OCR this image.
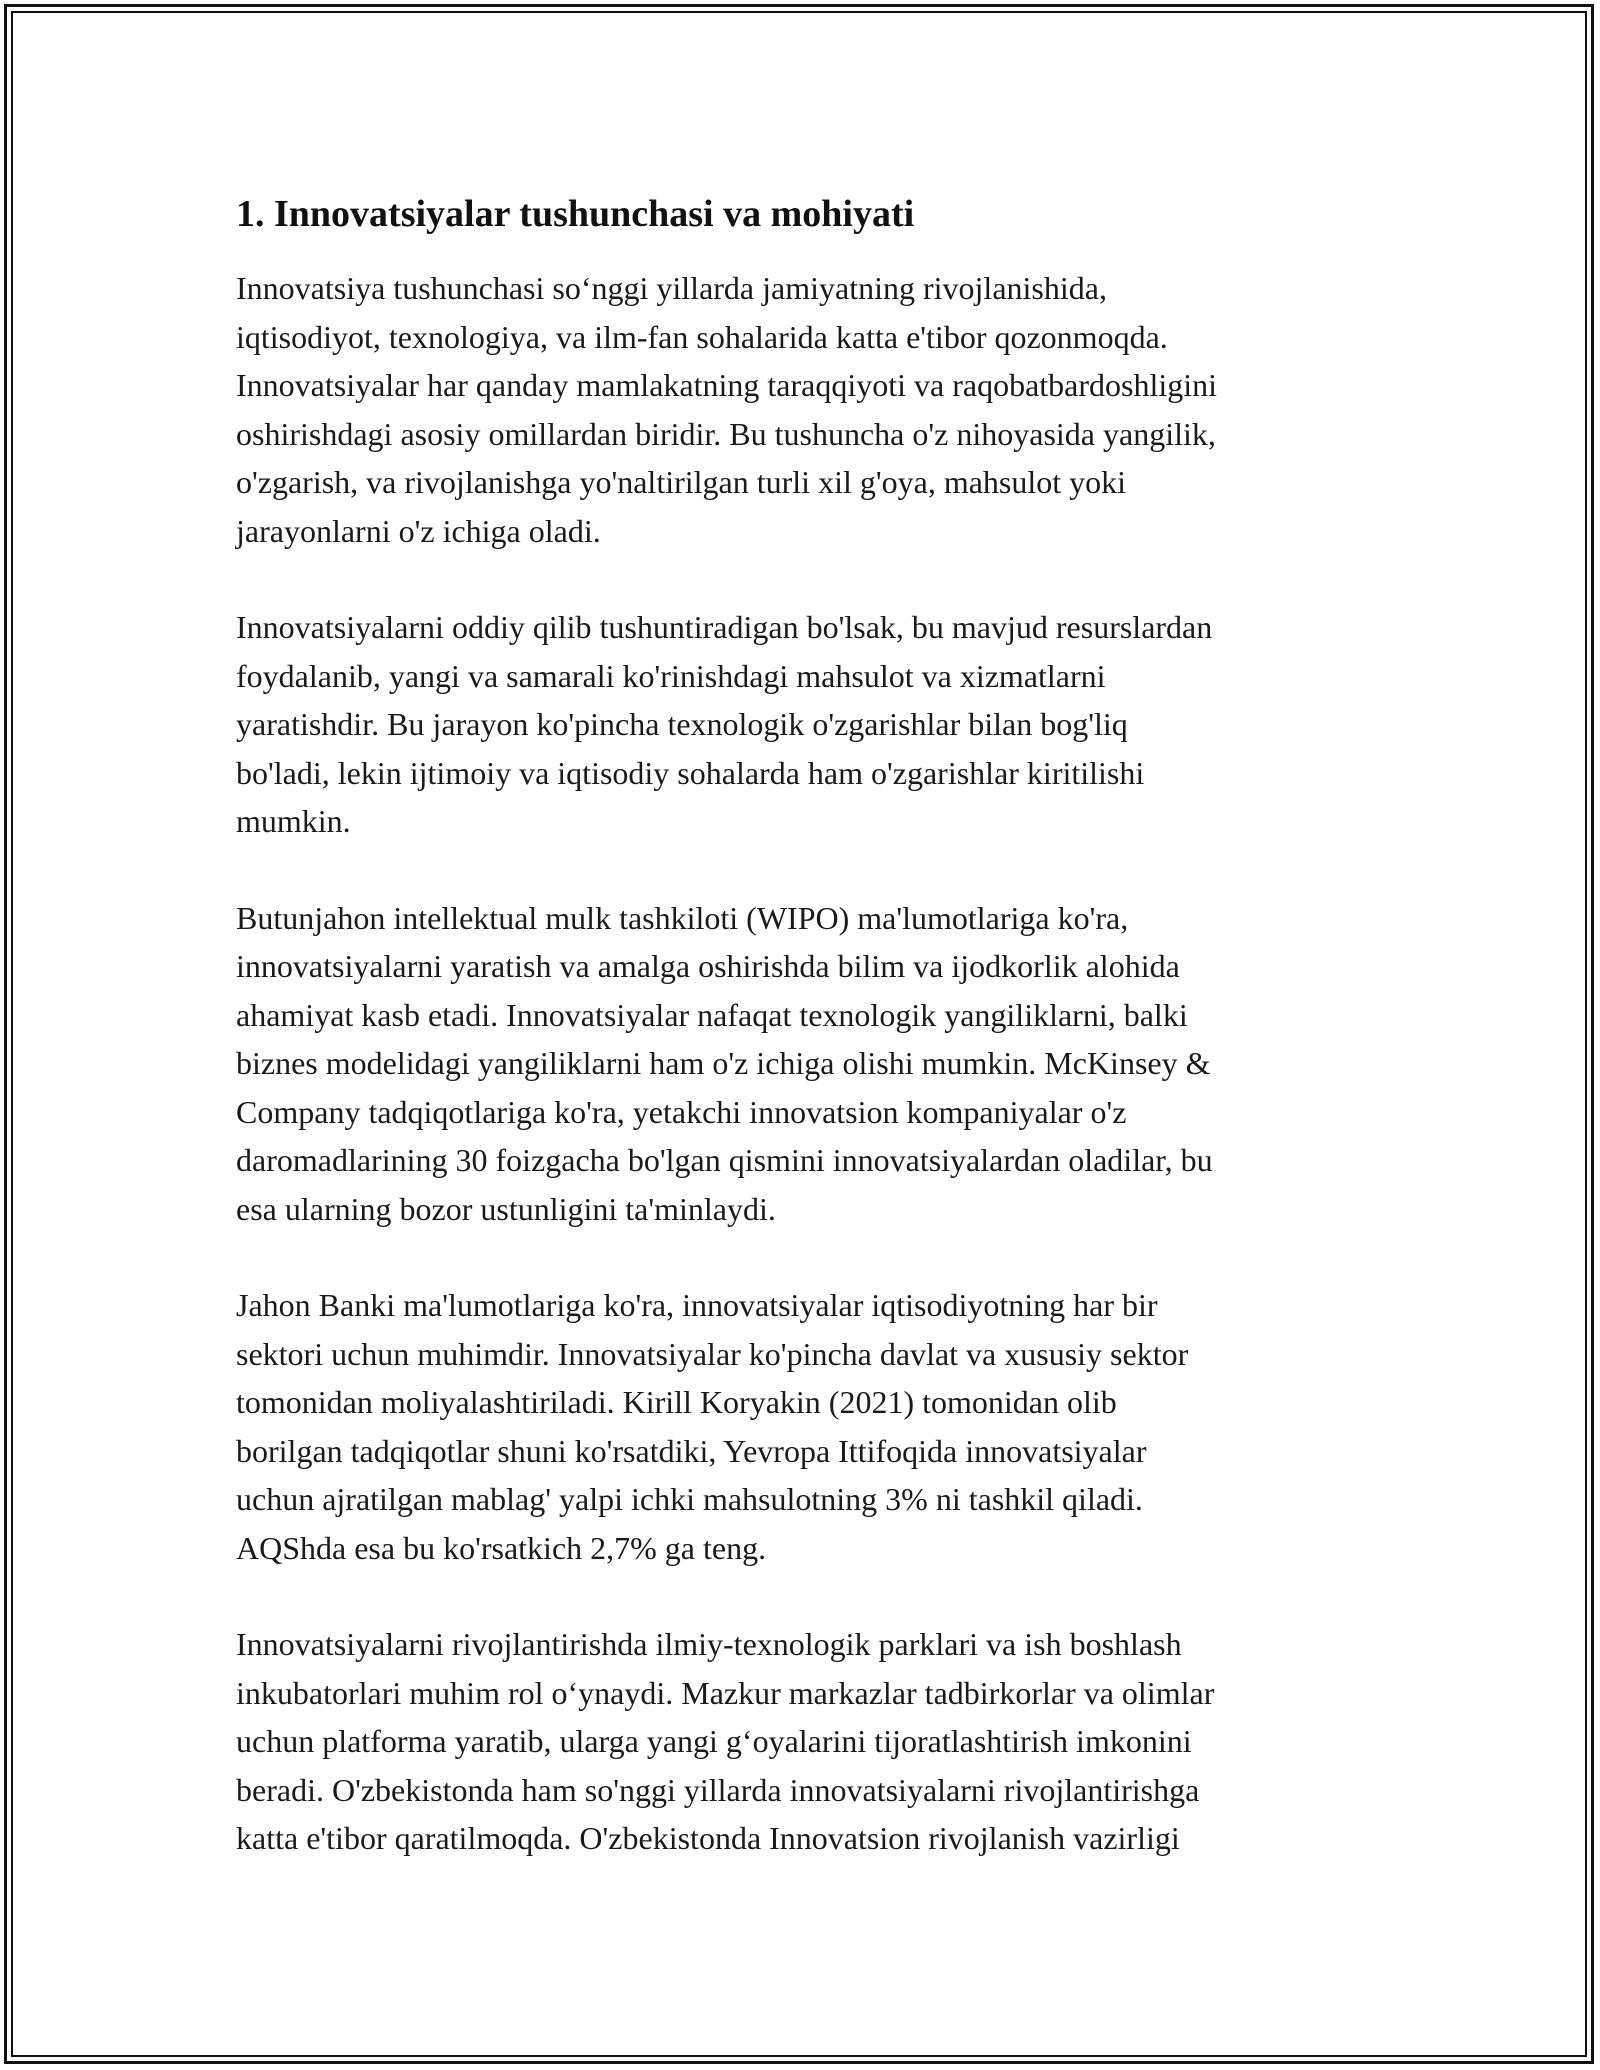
1. Innovatsiyalar tushunchasi va mohiyati

Innovatsiya tushunchasi so‘nggi yillarda jamiyatning rivojlanishida,
iqtisodiyot, texnologiya, va ilm-fan sohalarida katta e'tibor qozonmoqda.
Innovatsiyalar har qanday mamlakatning taraqqiyoti va raqobatbardoshligini
oshirishdagi asosiy omillardan biridir. Bu tushuncha o'z nihoyasida yangilik,
o'zgarish, va rivojlanishga yo'naltirilgan turli xil g'oya, mahsulot yoki
jarayonlarni o'z ichiga oladi.

Innovatsiyalarni oddiy qilib tushuntiradigan bo'lsak, bu mavjud resurslardan
foydalanib, yangi va samarali ko'rinishdagi mahsulot va xizmatlarni
yaratishdir. Bu jarayon ko'pincha texnologik o'zgarishlar bilan bog'liq
bo'ladi, lekin ijtimoiy va iqtisodiy sohalarda ham o'zgarishlar kiritilishi
mumkin.

Butunjahon intellektual mulk tashkiloti (WIPO) ma'lumotlariga ko'ra,
innovatsiyalarni yaratish va amalga oshirishda bilim va ijodkorlik alohida
ahamiyat kasb etadi. Innovatsiyalar nafaqat texnologik yangiliklarni, balki
biznes modelidagi yangiliklarni ham o'z ichiga olishi mumkin. McKinsey &
Company tadqiqotlariga ko'ra, yetakchi innovatsion kompaniyalar o'z
daromadlarining 30 foizgacha bo'lgan qismini innovatsiyalardan oladilar, bu
esa ularning bozor ustunligini ta'minlaydi.

Jahon Banki ma'lumotlariga ko'ra, innovatsiyalar iqtisodiyotning har bir
sektori uchun muhimdir. Innovatsiyalar ko'pincha davlat va xususiy sektor
tomonidan moliyalashtiriladi. Kirill Koryakin (2021) tomonidan olib
borilgan tadqiqotlar shuni ko'rsatdiki, Yevropa Ittifoqida innovatsiyalar
uchun ajratilgan mablag' yalpi ichki mahsulotning 3% ni tashkil qiladi.
AQShda esa bu ko'rsatkich 2,7% ga teng.

Innovatsiyalarni rivojlantirishda ilmiy-texnologik parklari va ish boshlash
inkubatorlari muhim rol o‘ynaydi. Mazkur markazlar tadbirkorlar va olimlar
uchun platforma yaratib, ularga yangi g‘oyalarini tijoratlashtirish imkonini
beradi. O'zbekistonda ham so'nggi yillarda innovatsiyalarni rivojlantirishga
katta e'tibor qaratilmoqda. O'zbekistonda Innovatsion rivojlanish vazirligi
